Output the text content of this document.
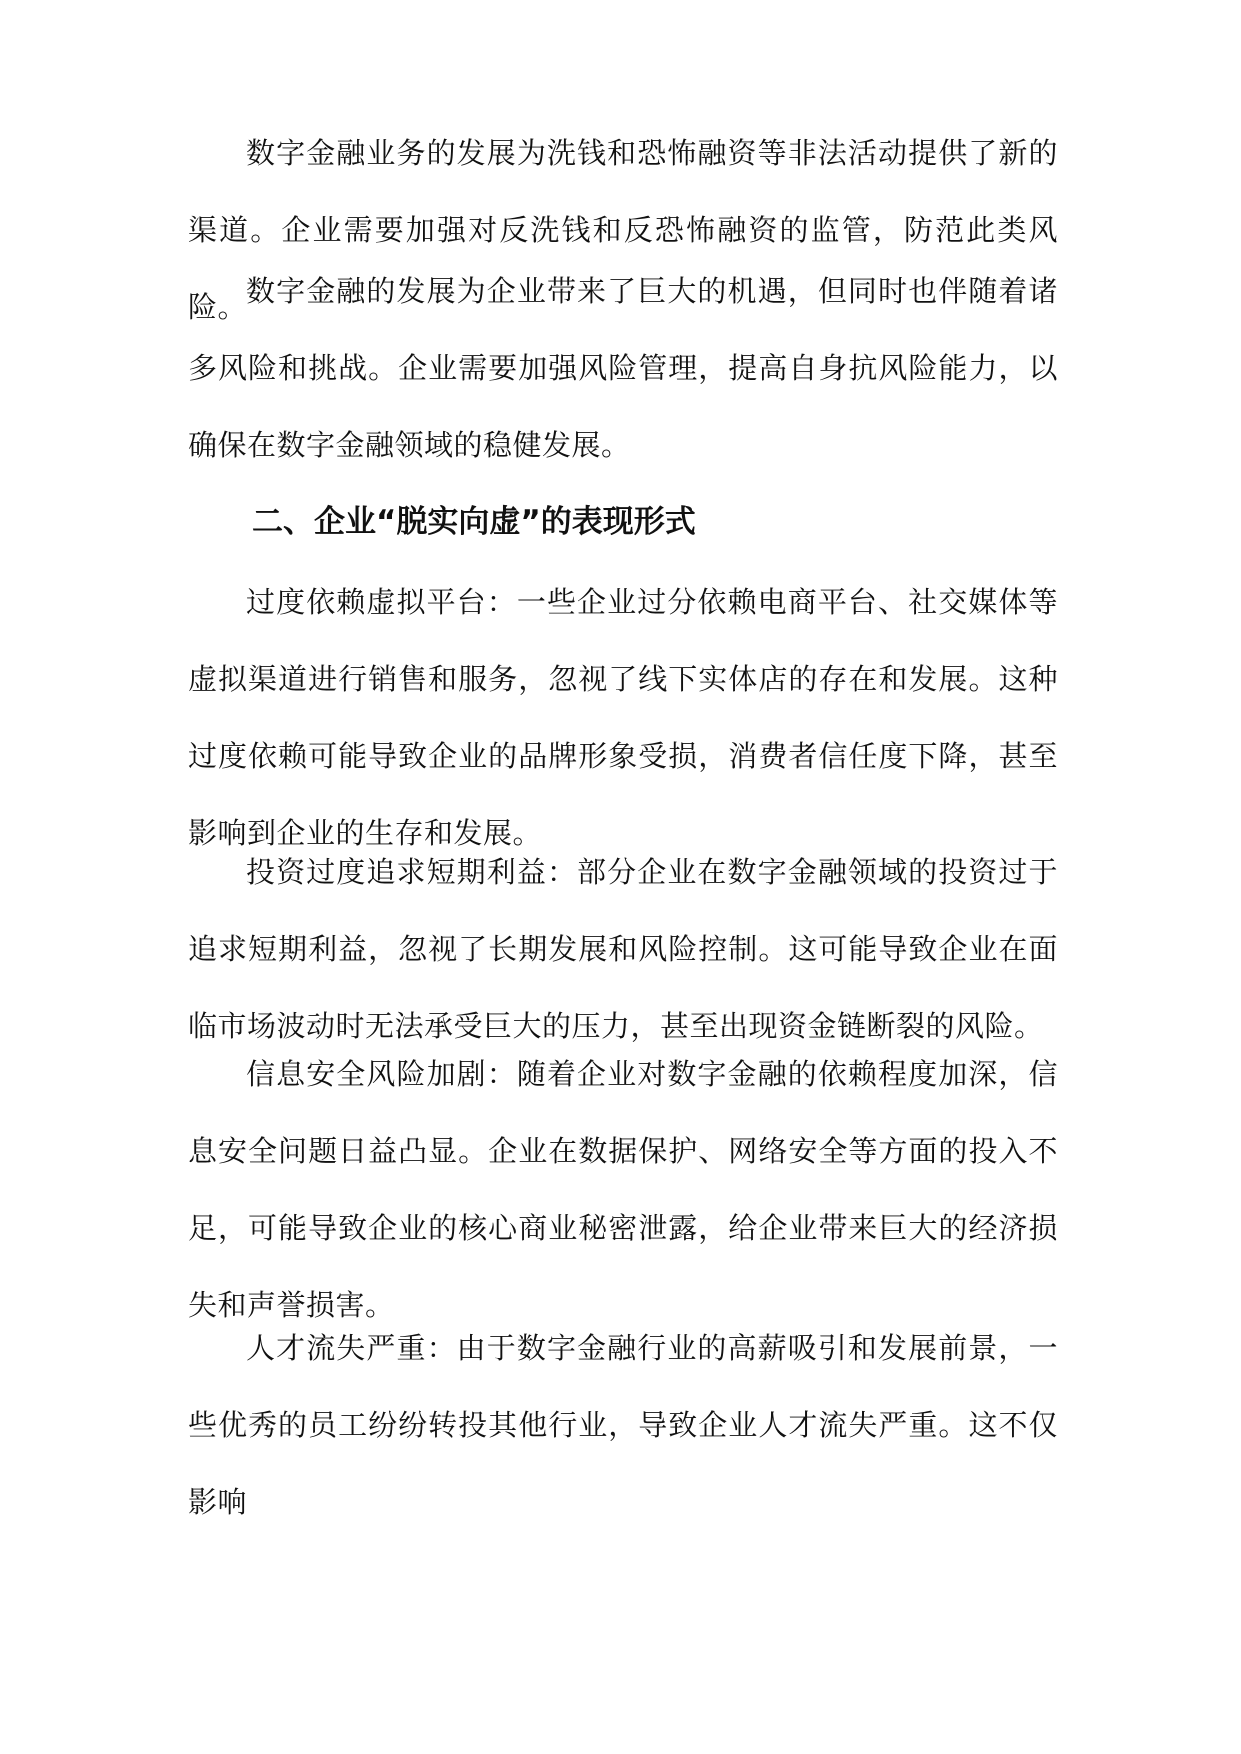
数字金融业务的发展为洗钱和恐怖融资等非法活动提供了新的渠道。企业需要加强对反洗钱和反恐怖融资的监管，防范此类风险。

数字金融的发展为企业带来了巨大的机遇，但同时也伴随着诸多风险和挑战。企业需要加强风险管理，提高自身抗风险能力，以确保在数字金融领域的稳健发展。

二、企业“脱实向虚”的表现形式

过度依赖虚拟平台：一些企业过分依赖电商平台、社交媒体等虚拟渠道进行销售和服务，忽视了线下实体店的存在和发展。这种过度依赖可能导致企业的品牌形象受损，消费者信任度下降，甚至影响到企业的生存和发展。

投资过度追求短期利益：部分企业在数字金融领域的投资过于追求短期利益，忽视了长期发展和风险控制。这可能导致企业在面临市场波动时无法承受巨大的压力，甚至出现资金链断裂的风险。

信息安全风险加剧：随着企业对数字金融的依赖程度加深，信息安全问题日益凸显。企业在数据保护、网络安全等方面的投入不足，可能导致企业的核心商业秘密泄露，给企业带来巨大的经济损失和声誉损害。

人才流失严重：由于数字金融行业的高薪吸引和发展前景，一些优秀的员工纷纷转投其他行业，导致企业人才流失严重。这不仅影响
